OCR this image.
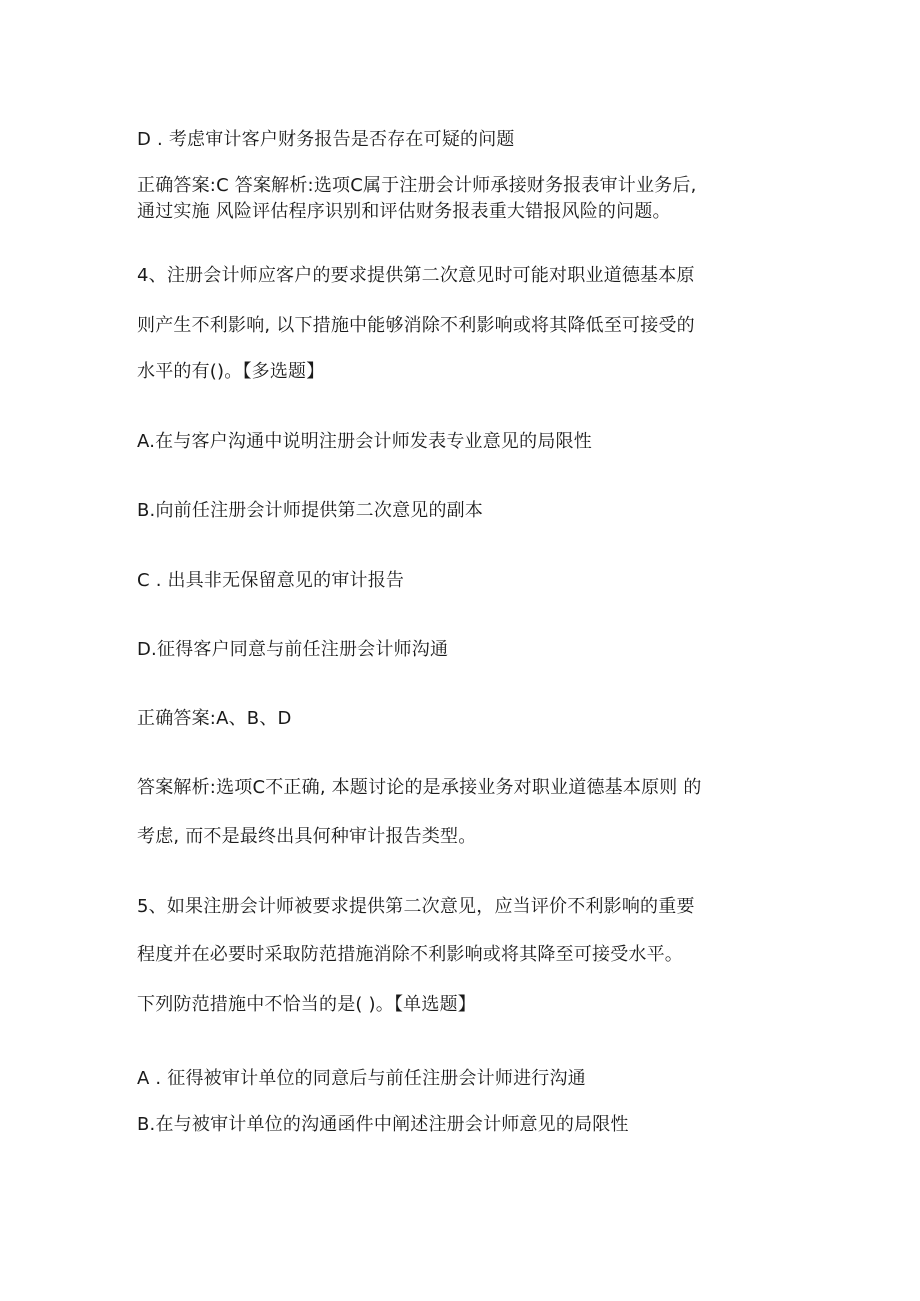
D . 考虑审计客户财务报告是否存在可疑的问题
正确答案:C 答案解析:选项C属于注册会计师承接财务报表审计业务后,
通过实施 风险评估程序识别和评估财务报表重大错报风险的问题。
4、注册会计师应客户的要求提供第二次意见时可能对职业道德基本原
则产生不利影响, 以下措施中能够消除不利影响或将其降低至可接受的
水平的有()。【多选题】
A.在与客户沟通中说明注册会计师发表专业意见的局限性
B.向前任注册会计师提供第二次意见的副本
C . 出具非无保留意见的审计报告
D.征得客户同意与前任注册会计师沟通
正确答案:A、B、D
答案解析:选项C不正确, 本题讨论的是承接业务对职业道德基本原则 的
考虑, 而不是最终出具何种审计报告类型。
5、如果注册会计师被要求提供第二次意见，应当评价不利影响的重要
程度并在必要时采取防范措施消除不利影响或将其降至可接受水平。
下列防范措施中不恰当的是( )。【单选题】
A . 征得被审计单位的同意后与前任注册会计师进行沟通
B.在与被审计单位的沟通函件中阐述注册会计师意见的局限性
